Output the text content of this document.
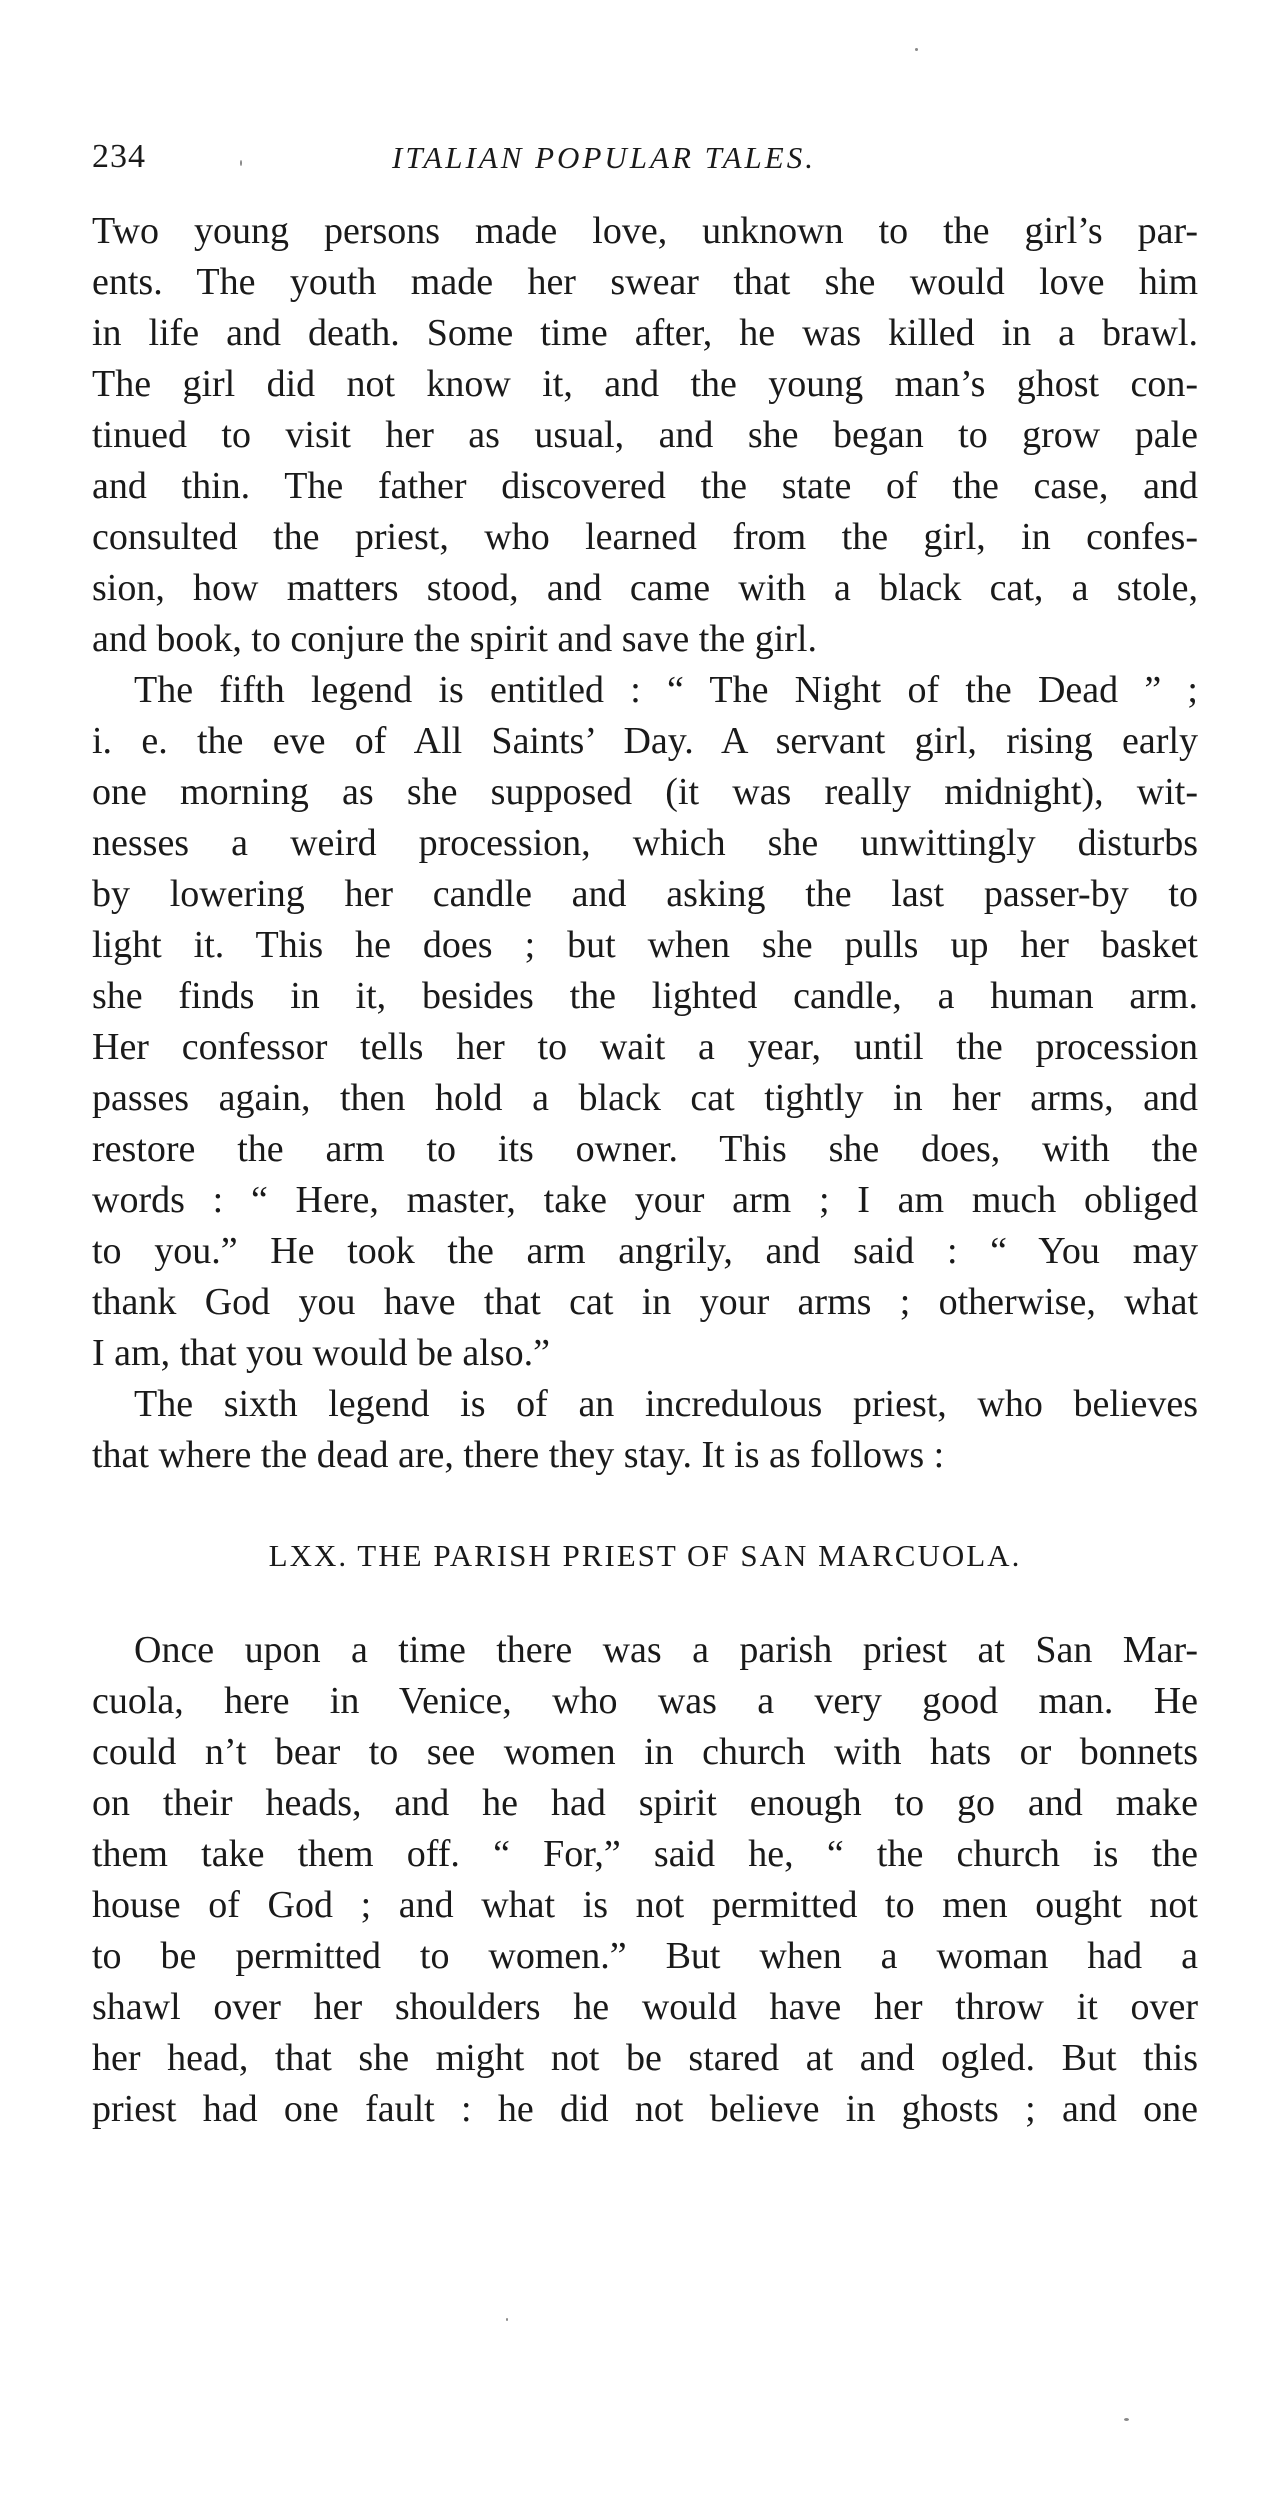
234	ITALIAN POPULAR TALES.
Two young persons made love, unknown to the girl’s par-
ents. The youth made her swear that she would love him
in life and death. Some time after, he was killed in a brawl.
The girl did not know it, and the young man’s ghost con-
tinued to visit her as usual, and she began to grow pale
and thin. The father discovered the state of the case, and
consulted the priest, who learned from the girl, in confes-
sion, how matters stood, and came with a black cat, a stole,
and book, to conjure the spirit and save the girl.
The fifth legend is entitled : “ The Night of the Dead ” ;
i. e. the eve of All Saints’ Day. A servant girl, rising early
one morning as she supposed (it was really midnight), wit-
nesses a weird procession, which she unwittingly disturbs
by lowering her candle and asking the last passer-by to
light it. This he does ; but when she pulls up her basket
she finds in it, besides the lighted candle, a human arm.
Her confessor tells her to wait a year, until the procession
passes again, then hold a black cat tightly in her arms, and
restore the arm to its owner. This she does, with the
words : “ Here, master, take your arm ; I am much obliged
to you.” He took the arm angrily, and said : “ You may
thank God you have that cat in your arms ; otherwise, what
I am, that you would be also.”
The sixth legend is of an incredulous priest, who believes
that where the dead are, there they stay. It is as follows :
LXX. THE PARISH PRIEST OF SAN MARCUOLA.
Once upon a time there was a parish priest at San Mar-
cuola, here in Venice, who was a very good man. He
could n’t bear to see women in church with hats or bonnets
on their heads, and he had spirit enough to go and make
them take them off. “ For,” said he, “ the church is the
house of God ; and what is not permitted to men ought not
to be permitted to women.” But when a woman had a
shawl over her shoulders he would have her throw it over
her head, that she might not be stared at and ogled. But this
priest had one fault : he did not believe in ghosts ; and one
